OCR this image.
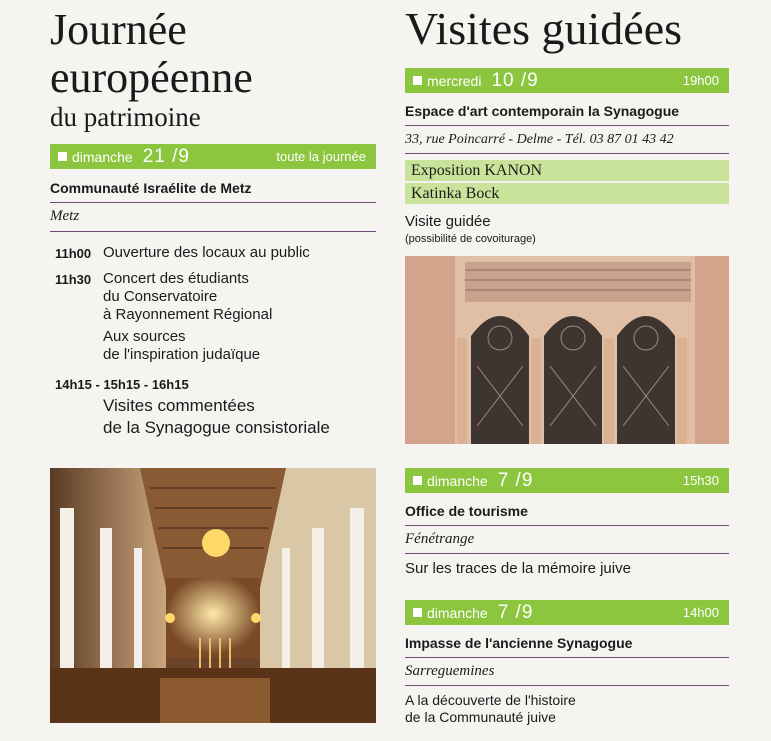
Journée
européenne
du patrimoine
dimanche 21 /9	toute la journée
Communauté Israélite de Metz
Metz
11h00 Ouverture des locaux au public
11h30 Concert des étudiants
du Conservatoire
à Rayonnement Régional
Aux sources
de l'inspiration judaïque
14h15 - 15h15 - 16h15
Visites commentées
de la Synagogue consistoriale
Visites guidées
mercredi 10 /9	19h00
Espace d'art contemporain la Synagogue
33, rue Poincarré - Delme - Tél. 03 87 01 43 42
Exposition KANON
Katinka Bock
Visite guidée
(possibilité de covoiturage)
dimanche 7 /9	15h30
Office de tourisme
Fénétrange
Sur les traces de la mémoire juive
dimanche 7 /9	14h00
Impasse de l'ancienne Synagogue
Sarreguemines
A la découverte de l'histoire
de la Communauté juive
